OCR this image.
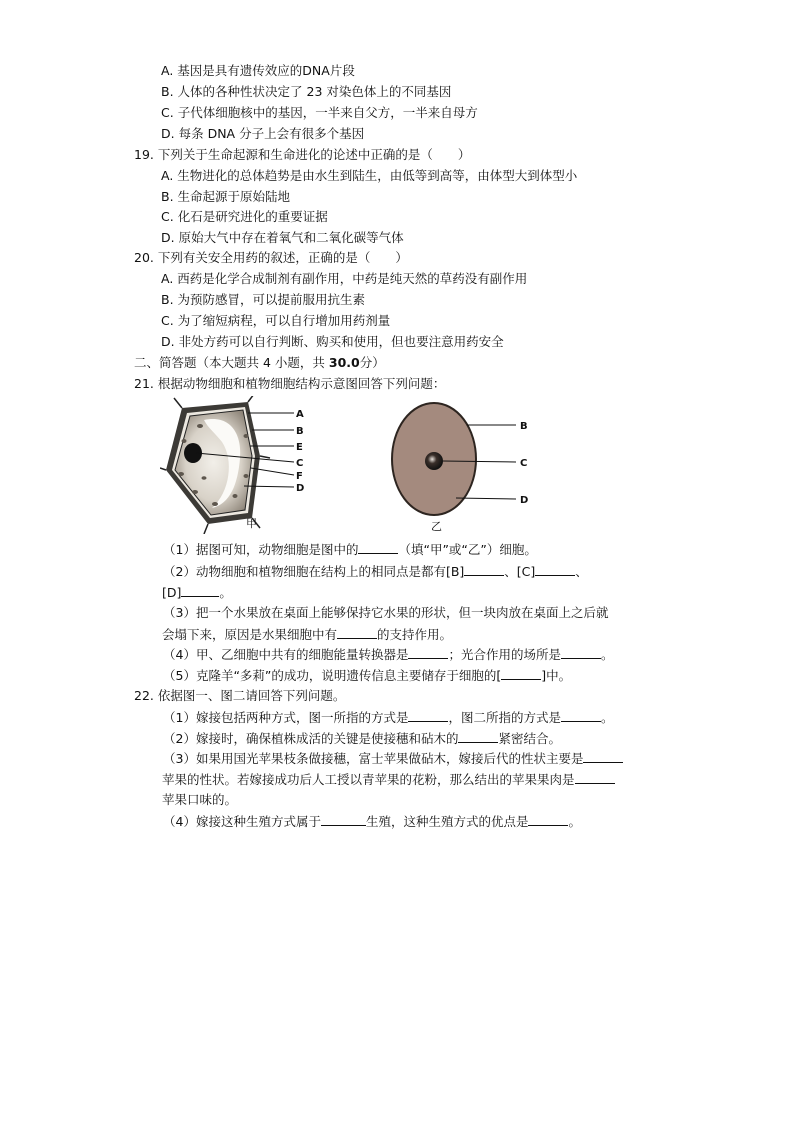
A. 基因是具有遗传效应的DNA片段
B. 人体的各种性状决定了 23 对染色体上的不同基因
C. 子代体细胞核中的基因，一半来自父方，一半来自母方
D. 每条 DNA 分子上会有很多个基因
19. 下列关于生命起源和生命进化的论述中正确的是（　　）
A. 生物进化的总体趋势是由水生到陆生，由低等到高等，由体型大到体型小
B. 生命起源于原始陆地
C. 化石是研究进化的重要证据
D. 原始大气中存在着氧气和二氧化碳等气体
20. 下列有关安全用药的叙述，正确的是（　　）
A. 西药是化学合成制剂有副作用，中药是纯天然的草药没有副作用
B. 为预防感冒，可以提前服用抗生素
C. 为了缩短病程，可以自行增加用药剂量
D. 非处方药可以自行判断、购买和使用，但也要注意用药安全
二、简答题（本大题共 4 小题，共 30.0分）
21. 根据动物细胞和植物细胞结构示意图回答下列问题：
A
B
E
C
F
D
甲
B
C
D
乙
（1）据图可知，动物细胞是图中的	（填“甲”或“乙”）细胞。
（2）动物细胞和植物细胞在结构上的相同点是都有[B]	、[C]	、
[D]	。
（3）把一个水果放在桌面上能够保持它水果的形状，但一块肉放在桌面上之后就
会塌下来，原因是水果细胞中有	的支持作用。
（4）甲、乙细胞中共有的细胞能量转换器是	；光合作用的场所是	。
（5）克隆羊“多莉”的成功，说明遗传信息主要储存于细胞的[	]中。
22. 依据图一、图二请回答下列问题。
（1）嫁接包括两种方式，图一所指的方式是	，图二所指的方式是	。
（2）嫁接时，确保植株成活的关键是使接穗和砧木的	紧密结合。
（3）如果用国光苹果枝条做接穗，富士苹果做砧木，嫁接后代的性状主要是
苹果的性状。若嫁接成功后人工授以青苹果的花粉，那么结出的苹果果肉是
苹果口味的。
（4）嫁接这种生殖方式属于	生殖，这种生殖方式的优点是	。
